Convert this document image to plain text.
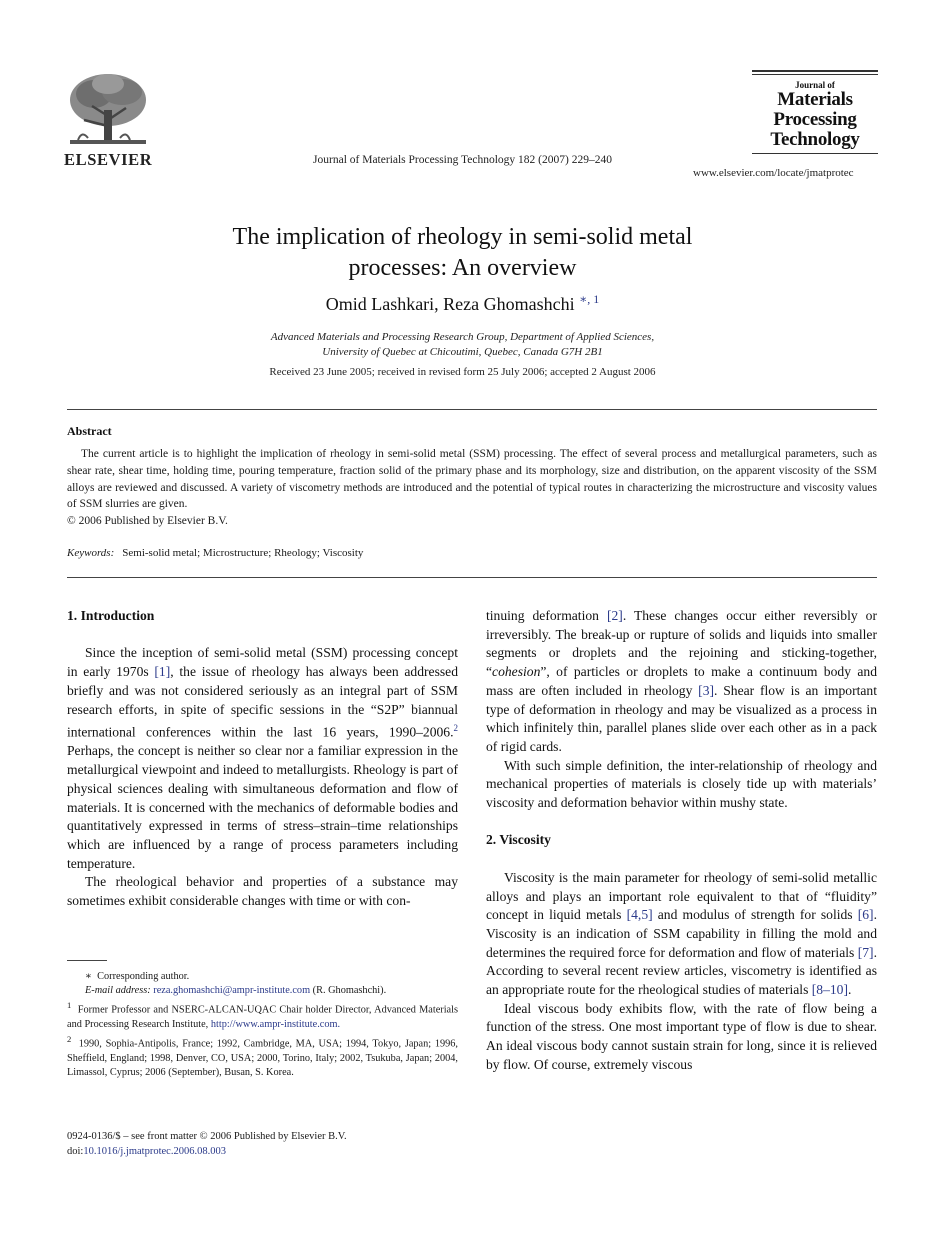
ELSEVIER	Journal of Materials Processing Technology 182 (2007) 229–240
Journal of
Materials
Processing
Technology
www.elsevier.com/locate/jmatprotec
The implication of rheology in semi-solid metal
processes: An overview
Omid Lashkari, Reza Ghomashchi $^{∗, 1}$
Advanced Materials and Processing Research Group, Department of Applied Sciences,
University of Quebec at Chicoutimi, Quebec, Canada G7H 2B1
Received 23 June 2005; received in revised form 25 July 2006; accepted 2 August 2006
Abstract

The current article is to highlight the implication of rheology in semi-solid metal (SSM) processing. The effect of several process and metallurgical parameters, such as shear rate, shear time, holding time, pouring temperature, fraction solid of the primary phase and its morphology, size and distribution, on the apparent viscosity of the SSM alloys are reviewed and discussed. A variety of viscometry methods are introduced and the potential of typical routes in characterizing the microstructure and viscosity values of SSM slurries are given.

© 2006 Published by Elsevier B.V.

Keywords: Semi-solid metal; Microstructure; Rheology; Viscosity
1. Introduction

Since the inception of semi-solid metal (SSM) processing concept in early 1970s [1], the issue of rheology has always been addressed briefly and was not considered seriously as an integral part of SSM research efforts, in spite of specific sessions in the “S2P” biannual international conferences within the last 16 years, 1990–2006.$^2$ Perhaps, the concept is neither so clear nor a familiar expression in the metallurgical viewpoint and indeed to metallurgists. Rheology is part of physical sciences dealing with simultaneous deformation and flow of materials. It is concerned with the mechanics of deformable bodies and quantitatively expressed in terms of stress–strain–time relationships which are influenced by a range of process parameters including temperature.

The rheological behavior and properties of a substance may sometimes exhibit considerable changes with time or with con-

tinuing deformation [2]. These changes occur either reversibly or irreversibly. The break-up or rupture of solids and liquids into smaller segments or droplets and the rejoining and sticking-together, “cohesion”, of particles or droplets to make a continuum body and mass are often included in rheology [3]. Shear flow is an important type of deformation in rheology and may be visualized as a process in which infinitely thin, parallel planes slide over each other as in a pack of rigid cards.

With such simple definition, the inter-relationship of rheology and mechanical properties of materials is closely tide up with materials’ viscosity and deformation behavior within mushy state.

2. Viscosity

Viscosity is the main parameter for rheology of semi-solid metallic alloys and plays an important role equivalent to that of “fluidity” concept in liquid metals [4,5] and modulus of strength for solids [6]. Viscosity is an indication of SSM capability in filling the mold and determines the required force for deformation and flow of materials [7]. According to several recent review articles, viscometry is identified as an appropriate route for the rheological studies of materials [8–10].

Ideal viscous body exhibits flow, with the rate of flow being a function of the stress. One most important type of flow is due to shear. An ideal viscous body cannot sustain strain for long, since it is relieved by flow. Of course, extremely viscous

∗ Corresponding author.

E-mail address: reza.ghomashchi@ampr-institute.com (R. Ghomashchi).

$^1$ Former Professor and NSERC-ALCAN-UQAC Chair holder Director, Advanced Materials and Processing Research Institute, http://www.ampr-institute.com.

$^2$ 1990, Sophia-Antipolis, France; 1992, Cambridge, MA, USA; 1994, Tokyo, Japan; 1996, Sheffield, England; 1998, Denver, CO, USA; 2000, Torino, Italy; 2002, Tsukuba, Japan; 2004, Limassol, Cyprus; 2006 (September), Busan, S. Korea.

0924-0136/$ – see front matter © 2006 Published by Elsevier B.V.
doi:10.1016/j.jmatprotec.2006.08.003
